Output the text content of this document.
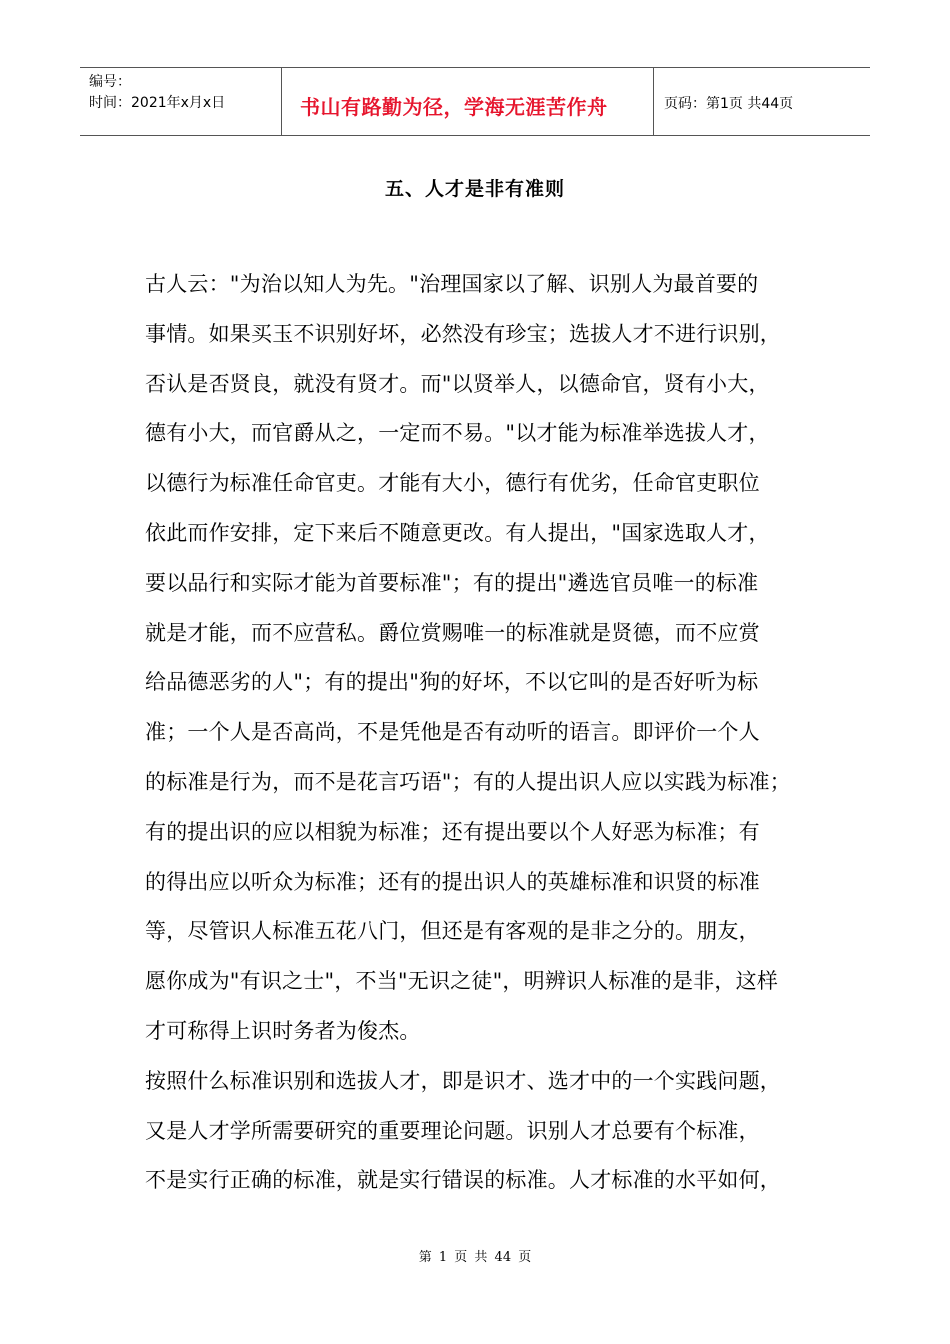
编号：
时间：2021年x月x日	书山有路勤为径，学海无涯苦作舟	页码：第1页 共44页
五、人才是非有准则
古人云："为治以知人为先。"治理国家以了解、识别人为最首要的
事情。如果买玉不识别好坏，必然没有珍宝；选拔人才不进行识别，
否认是否贤良，就没有贤才。而"以贤举人，以德命官，贤有小大，
德有小大，而官爵从之，一定而不易。"以才能为标准举选拔人才，
以德行为标准任命官吏。才能有大小，德行有优劣，任命官吏职位
依此而作安排，定下来后不随意更改。有人提出，"国家选取人才，
要以品行和实际才能为首要标准"；有的提出"遴选官员唯一的标准
就是才能，而不应营私。爵位赏赐唯一的标准就是贤德，而不应赏
给品德恶劣的人"；有的提出"狗的好坏，不以它叫的是否好听为标
准；一个人是否高尚，不是凭他是否有动听的语言。即评价一个人
的标准是行为，而不是花言巧语"；有的人提出识人应以实践为标准；
有的提出识的应以相貌为标准；还有提出要以个人好恶为标准；有
的得出应以听众为标准；还有的提出识人的英雄标准和识贤的标准
等，尽管识人标准五花八门，但还是有客观的是非之分的。朋友，
愿你成为"有识之士"，不当"无识之徒"，明辨识人标准的是非，这样
才可称得上识时务者为俊杰。
按照什么标准识别和选拔人才，即是识才、选才中的一个实践问题，
又是人才学所需要研究的重要理论问题。识别人才总要有个标准，
不是实行正确的标准，就是实行错误的标准。人才标准的水平如何，
第 1 页 共 44 页
